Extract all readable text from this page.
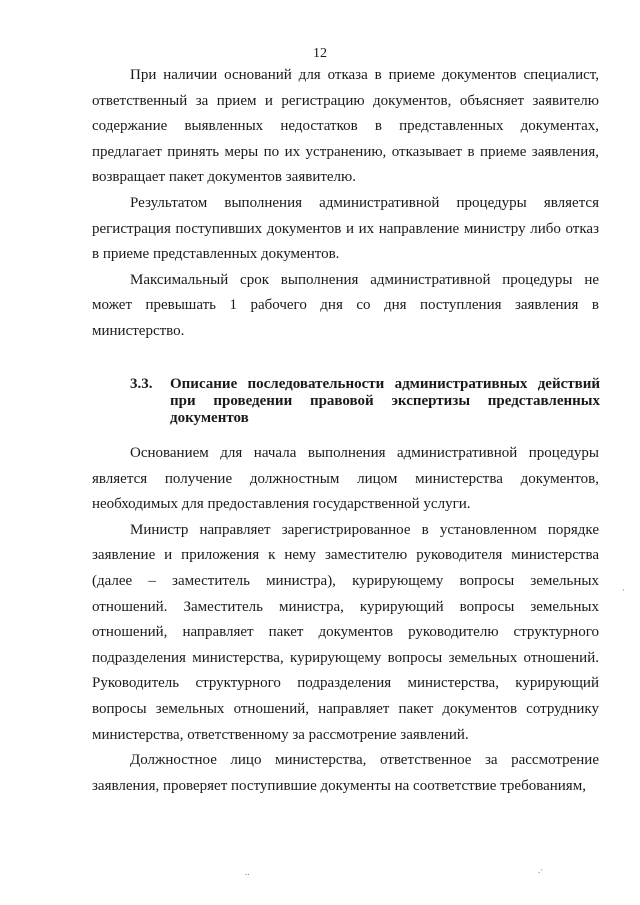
12

При наличии оснований для отказа в приеме документов специалист, ответственный за прием и регистрацию документов, объясняет заявителю содержание выявленных недостатков в представленных документах, предлагает принять меры по их устранению, отказывает в приеме заявления, возвращает пакет документов заявителю.

Результатом выполнения административной процедуры является регистрация поступивших документов и их направление министру либо отказ в приеме представленных документов.

Максимальный срок выполнения административной процедуры не может превышать 1 рабочего дня со дня поступления заявления в министерство.

3.3.	Описание последовательности административных действий при проведении правовой экспертизы представленных документов

Основанием для начала выполнения административной процедуры является получение должностным лицом министерства документов, необходимых для предоставления государственной услуги.

Министр направляет зарегистрированное в установленном порядке заявление и приложения к нему заместителю руководителя министерства (далее – заместитель министра), курирующему вопросы земельных отношений. Заместитель министра, курирующий вопросы земельных отношений, направляет пакет документов руководителю структурного подразделения министерства, курирующему вопросы земельных отношений. Руководитель структурного подразделения министерства, курирующий вопросы земельных отношений, направляет пакет документов сотруднику министерства, ответственному за рассмотрение заявлений.

Должностное лицо министерства, ответственное за рассмотрение заявления, проверяет поступившие документы на соответствие требованиям,

..	.·
·
